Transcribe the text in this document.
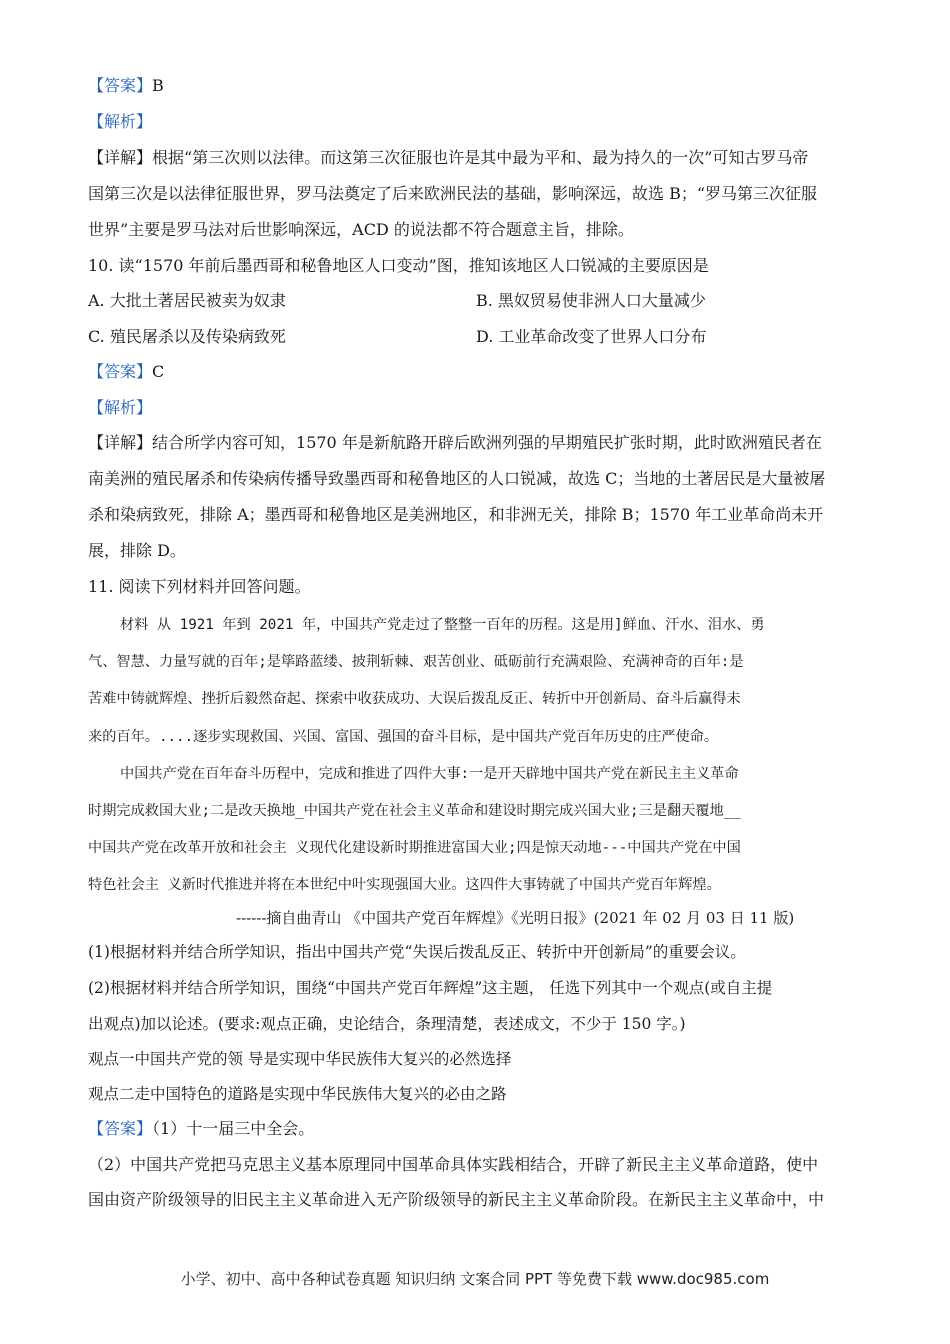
【答案】B
【解析】
【详解】根据“第三次则以法律。而这第三次征服也许是其中最为平和、最为持久的一次”可知古罗马帝
国第三次是以法律征服世界，罗马法奠定了后来欧洲民法的基础，影响深远，故选 B；“罗马第三次征服
世界”主要是罗马法对后世影响深远，ACD 的说法都不符合题意主旨，排除。
10. 读“1570 年前后墨西哥和秘鲁地区人口变动”图，推知该地区人口锐减的主要原因是
A. 大批土著居民被卖为奴隶	B. 黑奴贸易使非洲人口大量减少
C. 殖民屠杀以及传染病致死	D. 工业革命改变了世界人口分布
【答案】C
【解析】
【详解】结合所学内容可知，1570 年是新航路开辟后欧洲列强的早期殖民扩张时期，此时欧洲殖民者在
南美洲的殖民屠杀和传染病传播导致墨西哥和秘鲁地区的人口锐减，故选 C；当地的土著居民是大量被屠
杀和染病致死，排除 A；墨西哥和秘鲁地区是美洲地区，和非洲无关，排除 B；1570 年工业革命尚未开
展，排除 D。
11. 阅读下列材料并回答问题。
材料 从 1921 年到 2021 年，中国共产党走过了整整一百年的历程。这是用]鲜血、汗水、泪水、勇
气、智慧、力量写就的百年;是筚路蓝缕、披荆斩棘、艰苦创业、砥砺前行充满艰险、充满神奇的百年:是
苦难中铸就辉煌、挫折后毅然奋起、探索中收获成功、大误后拨乱反正、转折中开创新局、奋斗后赢得未
来的百年。....逐步实现救国、兴国、富国、强国的奋斗目标，是中国共产党百年历史的庄严使命。
中国共产党在百年奋斗历程中，完成和推进了四件大事:一是开天辟地中国共产党在新民主主义革命
时期完成救国大业;二是改天换地_中国共产党在社会主义革命和建设时期完成兴国大业;三是翻天覆地__
中国共产党在改革开放和社会主 义现代化建设新时期推进富国大业;四是惊天动地---中国共产党在中国
特色社会主 义新时代推进并将在本世纪中叶实现强国大业。这四件大事铸就了中国共产党百年辉煌。
------摘自曲青山 《中国共产党百年辉煌》《光明日报》(2021 年 02 月 03 日 11 版)
(1)根据材料并结合所学知识，指出中国共产党“失误后拨乱反正、转折中开创新局”的重要会议。
(2)根据材料并结合所学知识，围绕“中国共产党百年辉煌”这主题， 任选下列其中一个观点(或自主提
出观点)加以论述。(要求:观点正确，史论结合，条理清楚，表述成文，不少于 150 字。)
观点一中国共产党的领 导是实现中华民族伟大复兴的必然选择
观点二走中国特色的道路是实现中华民族伟大复兴的必由之路
【答案】（1）十一届三中全会。
（2）中国共产党把马克思主义基本原理同中国革命具体实践相结合，开辟了新民主主义革命道路，使中
国由资产阶级领导的旧民主主义革命进入无产阶级领导的新民主主义革命阶段。在新民主主义革命中，中
小学、初中、高中各种试卷真题 知识归纳 文案合同 PPT 等免费下载 www.doc985.com
